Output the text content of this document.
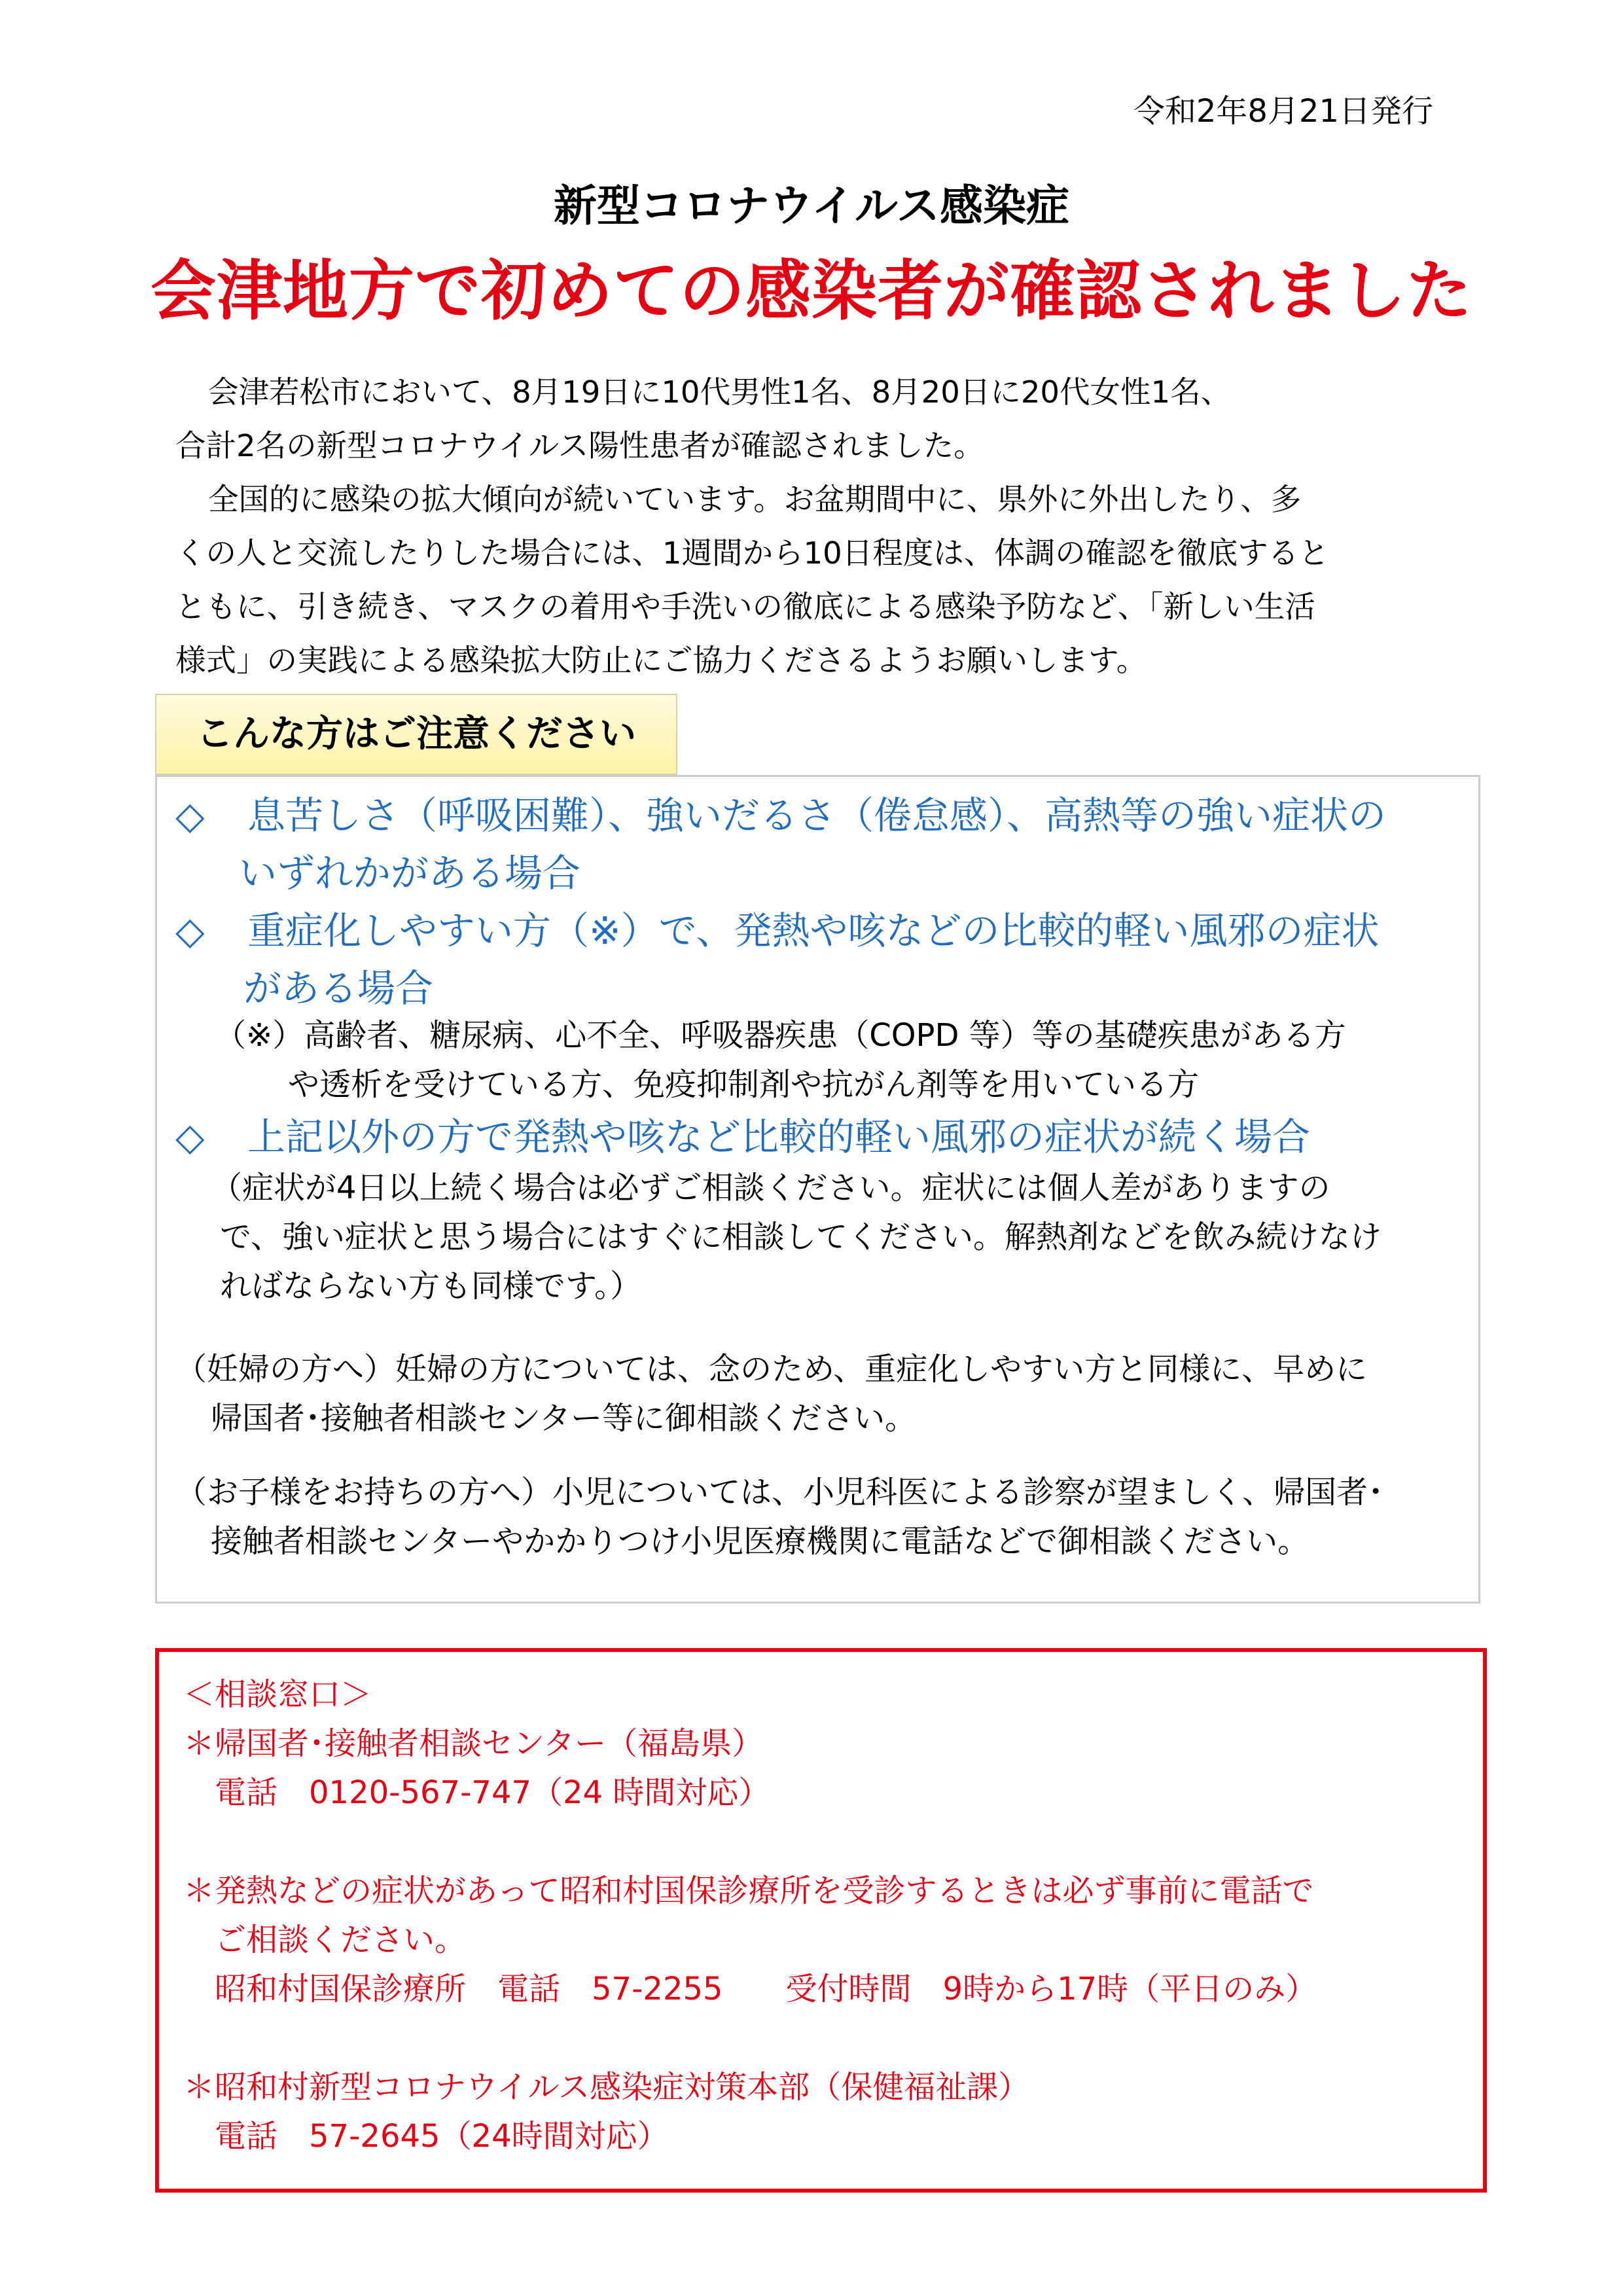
令和2年8月21日発行
新型コロナウイルス感染症
会津地方で初めての感染者が確認されました

会津若松市において、8月19日に10代男性1名、8月20日に20代女性1名、

合計2名の新型コロナウイルス陽性患者が確認されました。

全国的に感染の拡大傾向が続いています。お盆期間中に、県外に外出したり、多

くの人と交流したりした場合には、1週間から10日程度は、体調の確認を徹底すると

ともに、引き続き、マスクの着用や手洗いの徹底による感染予防など、「新しい生活

様式」の実践による感染拡大防止にご協力くださるようお願いします。

こんな方はご注意ください
◇ 息苦しさ（呼吸困難）、強いだるさ（倦怠感）、高熱等の強い症状の
いずれかがある場合
◇ 重症化しやすい方（※）で、発熱や咳などの比較的軽い風邪の症状
がある場合
（※）高齢者、糖尿病、心不全、呼吸器疾患（COPD 等）等の基礎疾患がある方
や透析を受けている方、免疫抑制剤や抗がん剤等を用いている方
◇ 上記以外の方で発熱や咳など比較的軽い風邪の症状が続く場合
（症状が4日以上続く場合は必ずご相談ください。症状には個人差がありますの
で、強い症状と思う場合にはすぐに相談してください。解熱剤などを飲み続けなけ
ればならない方も同様です。）
（妊婦の方へ）妊婦の方については、念のため、重症化しやすい方と同様に、早めに
帰国者･接触者相談センター等に御相談ください。
（お子様をお持ちの方へ）小児については、小児科医による診察が望ましく、帰国者･
接触者相談センターやかかりつけ小児医療機関に電話などで御相談ください。
＜相談窓口＞
＊帰国者･接触者相談センター（福島県）
　電話　0120-567-747（24 時間対応）
＊発熱などの症状があって昭和村国保診療所を受診するときは必ず事前に電話で
　ご相談ください。
　昭和村国保診療所　電話　57-2255　　受付時間　9時から17時（平日のみ）
＊昭和村新型コロナウイルス感染症対策本部（保健福祉課）
　電話　57-2645（24時間対応）
